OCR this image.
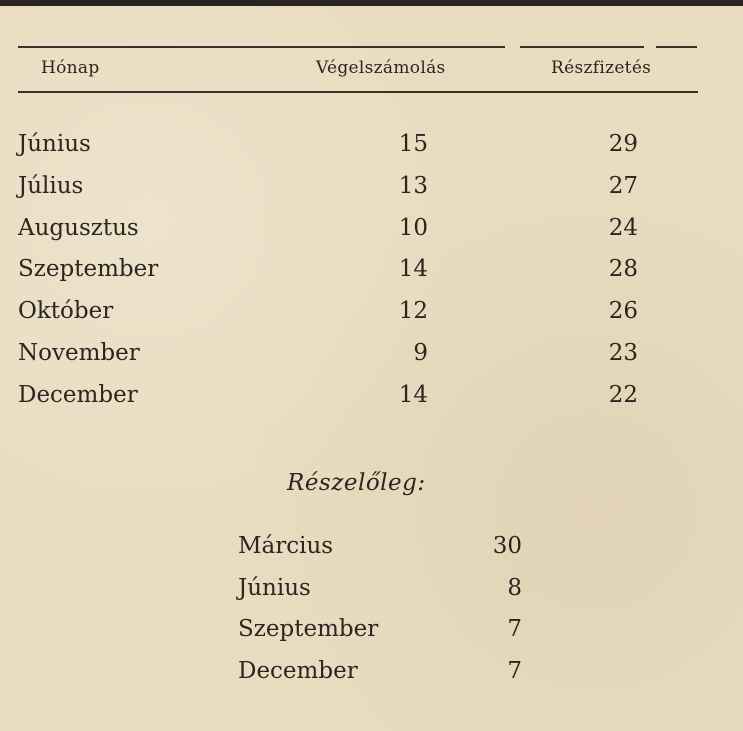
Hónap	Végelszámolás	Részfizetés
Június	15	29
Július	13	27
Augusztus	10	24
Szeptember	14	28
Október	12	26
November	9	23
December	14	22
Részelőleg:
Március	30
Június	8
Szeptember	7
December	7
